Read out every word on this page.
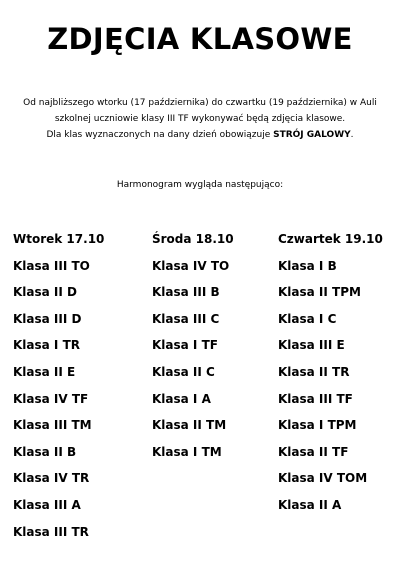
ZDJĘCIA KLASOWE

Od najbliższego wtorku (17 października) do czwartku (19 października) w Auli szkolnej uczniowie klasy III TF wykonywać będą zdjęcia klasowe.

Dla klas wyznaczonych na dany dzień obowiązuje STRÓJ GALOWY.

Harmonogram wygląda następująco:
Wtorek 17.10
Klasa III TO
Klasa II D
Klasa III D
Klasa I TR
Klasa II E
Klasa IV TF
Klasa III TM
Klasa II B
Klasa IV TR
Klasa III A
Klasa III TR
Środa 18.10
Klasa IV TO
Klasa III B
Klasa III C
Klasa I TF
Klasa II C
Klasa I A
Klasa II TM
Klasa I TM
Czwartek 19.10
Klasa I B
Klasa II TPM
Klasa I C
Klasa III E
Klasa II TR
Klasa III TF
Klasa I TPM
Klasa II TF
Klasa IV TOM
Klasa II A
